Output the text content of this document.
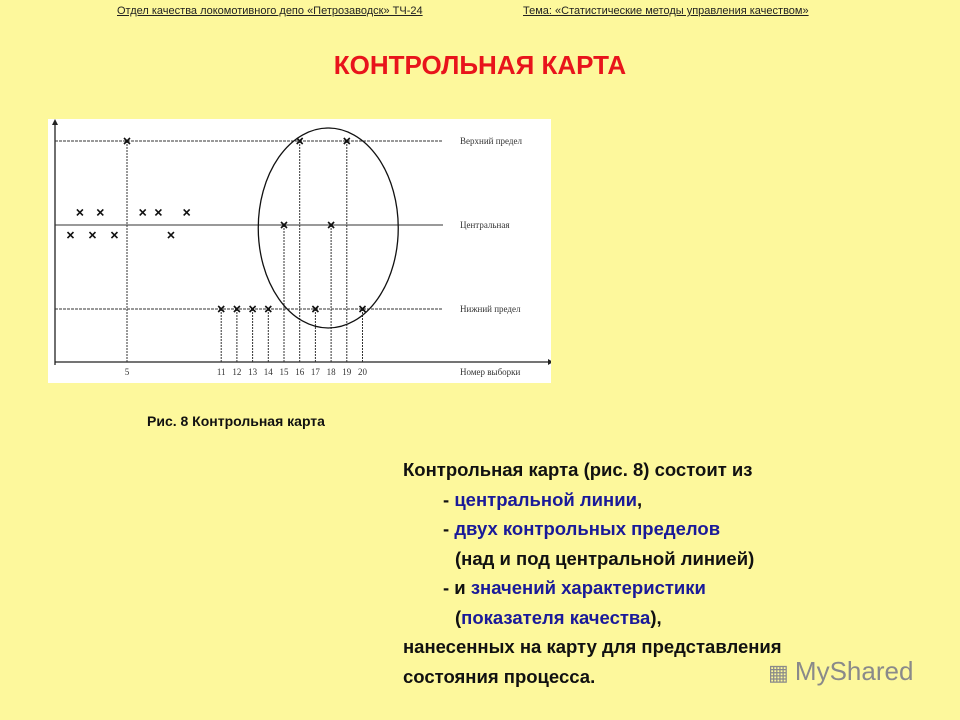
Отдел качества локомотивного депо «Петрозаводск» ТЧ-24	Тема: «Статистические методы управления качеством»
КОНТРОЛЬНАЯ КАРТА
Верхний предел
Центральная
Нижний предел
Номер выборки
5	11 12 13 14 15 16 17 18 19 20
Рис. 8 Контрольная карта
Контрольная карта (рис. 8) состоит из
- центральной линии,
- двух контрольных пределов
(над и под центральной линией)
- и значений характеристики
(показателя качества),
нанесенных на карту для представления
состояния процесса.	▦ MyShared
